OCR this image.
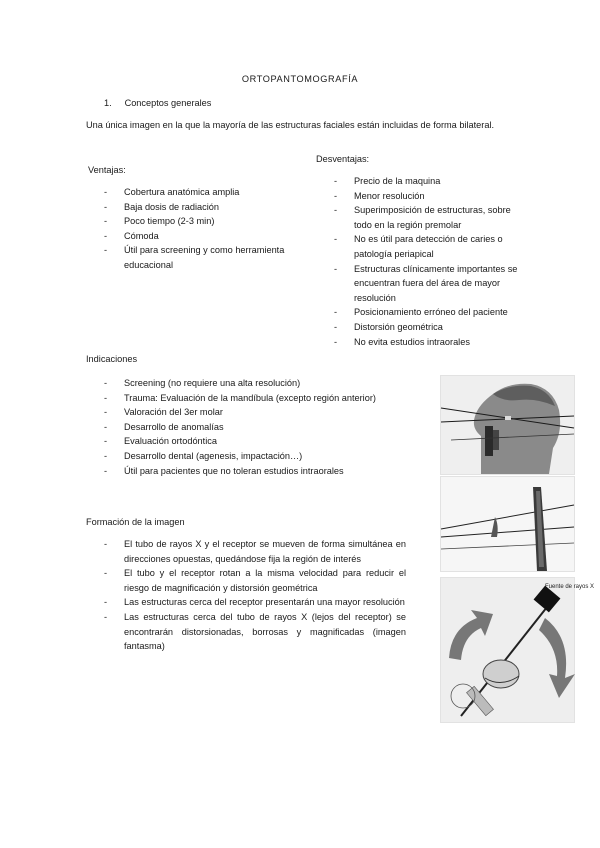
ORTOPANTOMOGRAFÍA
1. Conceptos generales
Una única imagen en la que la mayoría de las estructuras faciales están incluidas de forma bilateral.
Ventajas:
- Cobertura anatómica amplia
- Baja dosis de radiación
- Poco tiempo (2-3 min)
- Cómoda
- Útil para screening y como herramienta educacional
Desventajas:
- Precio de la maquina
- Menor resolución
- Superimposición de estructuras, sobre todo en la región premolar
- No es útil para detección de caries o patología periapical
- Estructuras clínicamente importantes se encuentran fuera del área de mayor resolución
- Posicionamiento erróneo del paciente
- Distorsión geométrica
- No evita estudios intraorales
Indicaciones
- Screening (no requiere una alta resolución)
- Trauma: Evaluación de la mandíbula (excepto región anterior)
- Valoración del 3er molar
- Desarrollo de anomalías
- Evaluación ortodóntica
- Desarrollo dental (agenesis, impactación…)
- Útil para pacientes que no toleran estudios intraorales
Formación de la imagen
- El tubo de rayos X y el receptor se mueven de forma simultánea en direcciones opuestas, quedándose fija la región de interés
- El tubo y el receptor rotan a la misma velocidad para reducir el riesgo de magnificación y distorsión geométrica
- Las estructuras cerca del receptor presentarán una mayor resolución
- Las estructuras cerca del tubo de rayos X (lejos del receptor) se encontrarán distorsionadas, borrosas y magnificadas (imagen fantasma)
Fuente de rayos X
